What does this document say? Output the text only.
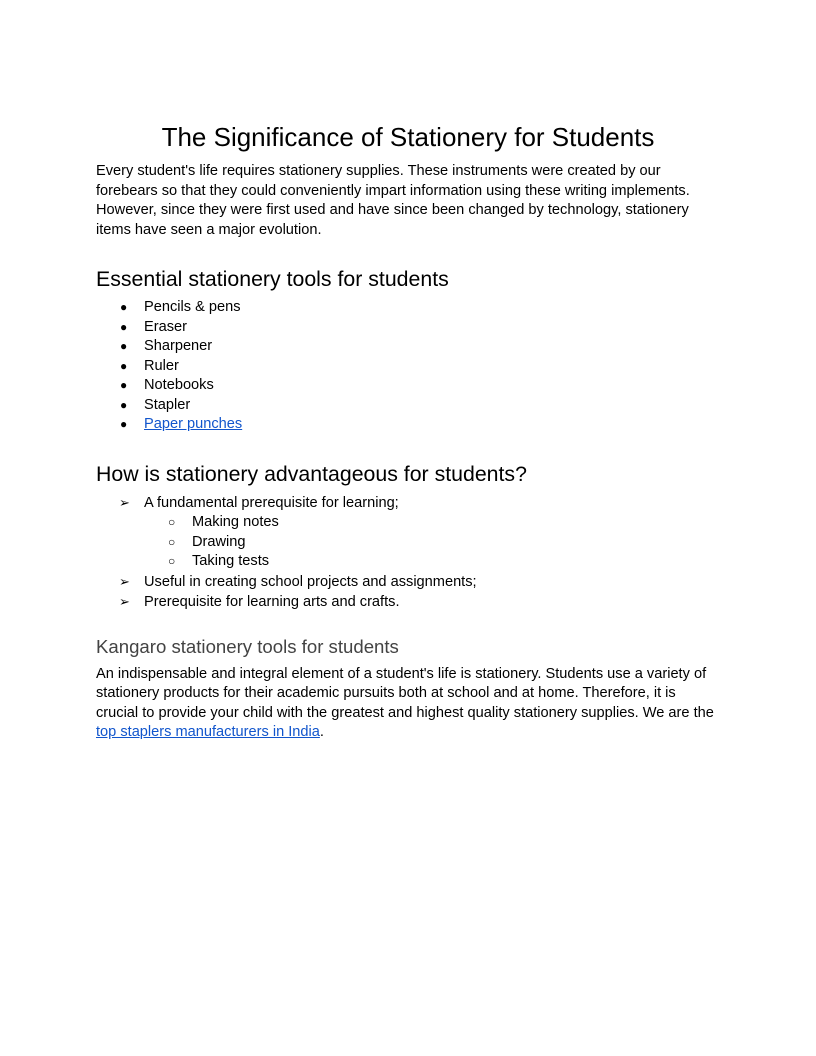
The Significance of Stationery for Students

Every student's life requires stationery supplies. These instruments were created by our forebears so that they could conveniently impart information using these writing implements. However, since they were first used and have since been changed by technology, stationery items have seen a major evolution.

Essential stationery tools for students
●	Pencils & pens
●	Eraser
●	Sharpener
●	Ruler
●	Notebooks
●	Stapler
●	Paper punches
How is stationery advantageous for students?
➢ A fundamental prerequisite for learning;
○ Making notes
○ Drawing
○ Taking tests
➢ Useful in creating school projects and assignments;
➢ Prerequisite for learning arts and crafts.
Kangaro stationery tools for students

An indispensable and integral element of a student's life is stationery. Students use a variety of stationery products for their academic pursuits both at school and at home. Therefore, it is crucial to provide your child with the greatest and highest quality stationery supplies. We are the top staplers manufacturers in India.
